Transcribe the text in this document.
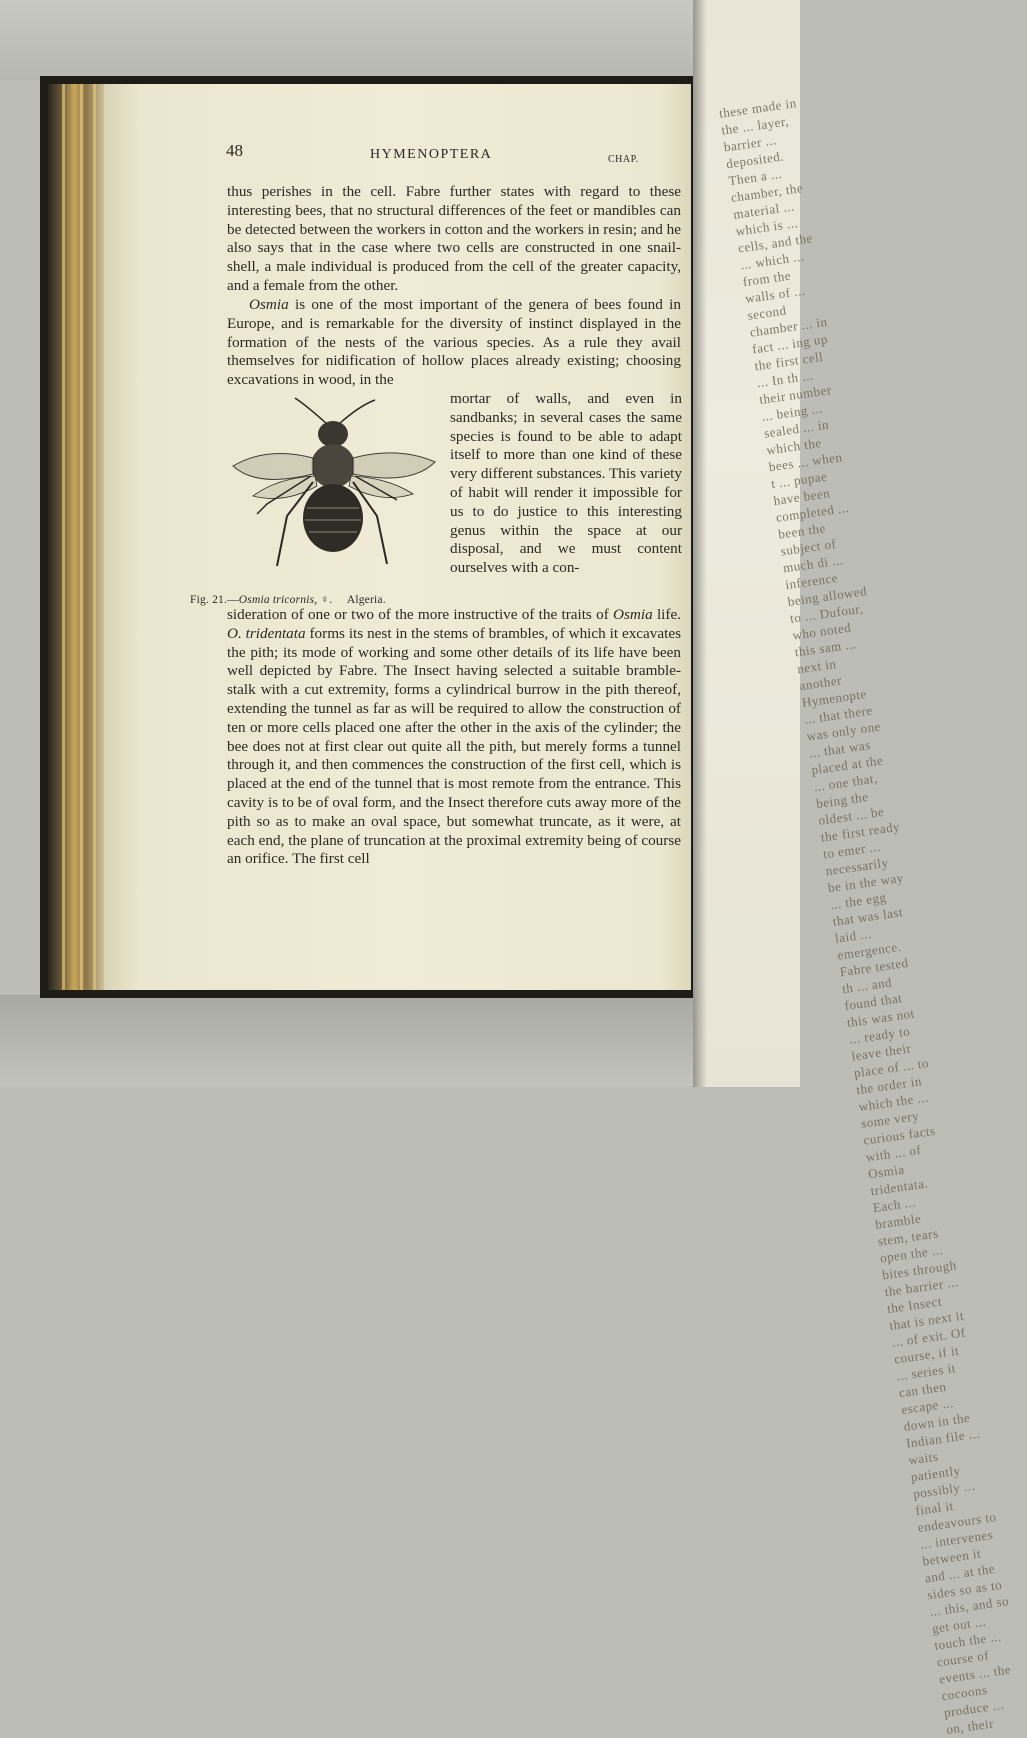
these made in the ... layer, barrier ... deposited. Then a ... chamber, the material ... which is ... cells, and the ... which ... from the walls of ... second chamber ... in fact ... ing up the first cell ... In th ... their number ... being ... sealed ... in which the bees ... when t ... pupae have been completed ... been the subject of much di ... inference being allowed to ... Dufour, who noted this sam ... next in another Hymenopte ... that there was only one ... that was placed at the ... one that, being the oldest ... be the first ready to emer ... necessarily be in the way ... the egg that was last laid ... emergence. Fabre tested th ... and found that this was not ... ready to leave their place of ... to the order in which the ... some very curious facts with ... of Osmia tridentata. Each ... bramble stem, tears open the ... bites through the barrier ... the Insect that is next it ... of exit. Of course, if it ... series it can then escape ... down in the Indian file ... waits patiently possibly ... final it endeavours to ... intervenes between it and ... at the sides so as to ... this, and so get out ... touch the ... course of events ... the cocoons produce ... on, their
48	HYMENOPTERA	CHAP.

thus perishes in the cell. Fabre further states with regard to these interesting bees, that no structural differences of the feet or mandibles can be detected between the workers in cotton and the workers in resin; and he also says that in the case where two cells are constructed in one snail-shell, a male individual is produced from the cell of the greater capacity, and a female from the other.

Osmia is one of the most important of the genera of bees found in Europe, and is remarkable for the diversity of instinct displayed in the formation of the nests of the various species. As a rule they avail themselves for nidification of hollow places already existing; choosing excavations in wood, in the

mortar of walls, and even in sandbanks; in several cases the same species is found to be able to adapt itself to more than one kind of these very different substances. This variety of habit will render it impossible for us to do justice to this interesting genus within the space at our disposal, and we must content ourselves with a con-

Fig. 21.—Osmia tricornis, ♀. Algeria.

sideration of one or two of the more instructive of the traits of Osmia life. O. tridentata forms its nest in the stems of brambles, of which it excavates the pith; its mode of working and some other details of its life have been well depicted by Fabre. The Insect having selected a suitable bramble-stalk with a cut extremity, forms a cylindrical burrow in the pith thereof, extending the tunnel as far as will be required to allow the construction of ten or more cells placed one after the other in the axis of the cylinder; the bee does not at first clear out quite all the pith, but merely forms a tunnel through it, and then commences the construction of the first cell, which is placed at the end of the tunnel that is most remote from the entrance. This cavity is to be of oval form, and the Insect therefore cuts away more of the pith so as to make an oval space, but somewhat truncate, as it were, at each end, the plane of truncation at the proximal extremity being of course an orifice. The first cell
